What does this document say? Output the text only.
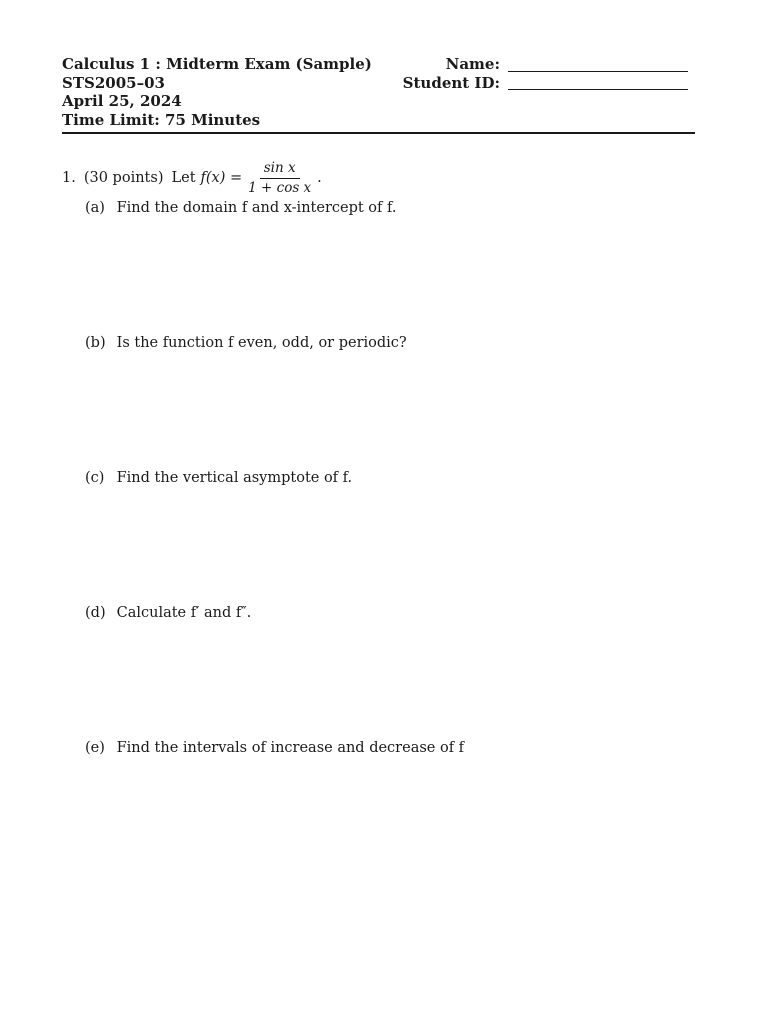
Calculus 1 : Midterm Exam (Sample)
STS2005–03
April 25, 2024
Time Limit: 75 Minutes
Name:
Student ID:
1. (30 points) Let $f(x) = \frac{\text{sin x}}{\text{1 + cos x}}$ .
(a) Find the domain f and x-intercept of f.
(b) Is the function f even, odd, or periodic?
(c) Find the vertical asymptote of f.
(d) Calculate f′ and f″.
(e) Find the intervals of increase and decrease of f
